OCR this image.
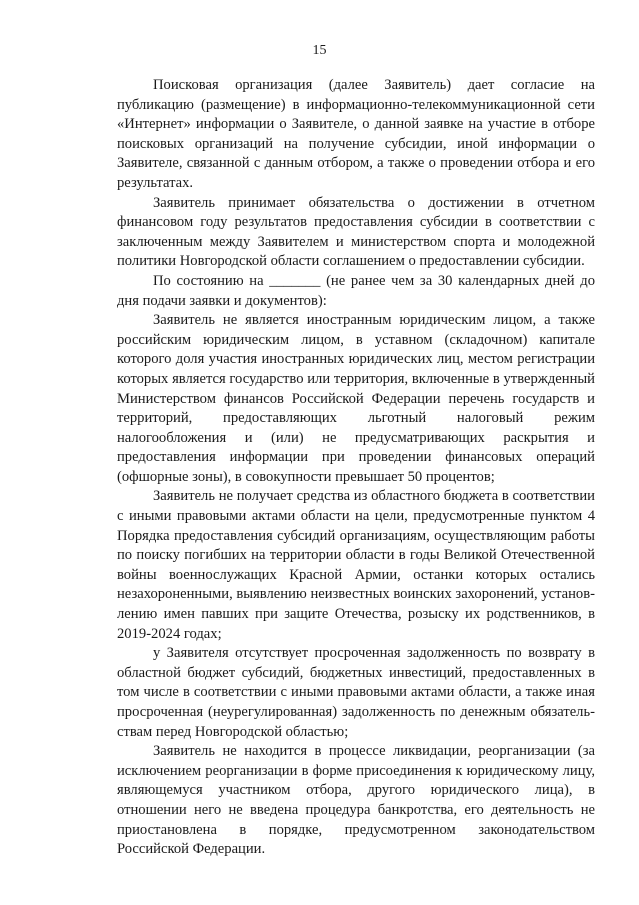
15

Поисковая организация (далее Заявитель) дает согласие на публикацию (размещение) в информационно-телекоммуникационной сети «Интернет» информации о Заявителе, о данной заявке на участие в отборе поисковых организаций на получение субсидии, иной информации о Заявителе, связанной с данным отбором, а также о проведении отбора и его результатах.

Заявитель принимает обязательства о достижении в отчетном финансовом году результатов предоставления субсидии в соответствии с заключенным между Заявителем и министерством спорта и молодежной политики Новгородской области соглашением о предоставлении субсидии.

По состоянию на _______ (не ранее чем за 30 календарных дней до дня подачи заявки и документов):

Заявитель не является иностранным юридическим лицом, а также российским юридическим лицом, в уставном (складочном) капитале которого доля участия иностранных юридических лиц, местом регистрации которых является государство или территория, включенные в утвержденный Министерством финансов Российской Федерации перечень государств и территорий, предоставляющих льготный налоговый режим налогообложения и (или) не предусматривающих раскрытия и предоставления информации при проведении финансовых операций (офшорные зоны), в совокупности превышает 50 процентов;

Заявитель не получает средства из областного бюджета в соответствии с иными правовыми актами области на цели, предусмотренные пунктом 4 Порядка предоставления субсидий организациям, осуществляющим работы по поиску погибших на территории области в годы Великой Отечественной войны военнослужащих Красной Армии, останки которых остались незахороненными, выявлению неизвестных воинских захоронений, установлению имен павших при защите Отечества, розыску их родственников, в 2019-2024 годах;

у Заявителя отсутствует просроченная задолженность по возврату в областной бюджет субсидий, бюджетных инвестиций, предоставленных в том числе в соответствии с иными правовыми актами области, а также иная просроченная (неурегулированная) задолженность по денежным обязательствам перед Новгородской областью;

Заявитель не находится в процессе ликвидации, реорганизации (за исключением реорганизации в форме присоединения к юридическому лицу, являющемуся участником отбора, другого юридического лица), в отношении него не введена процедура банкротства, его деятельность не приостановлена в порядке, предусмотренном законодательством Российской Федерации.
